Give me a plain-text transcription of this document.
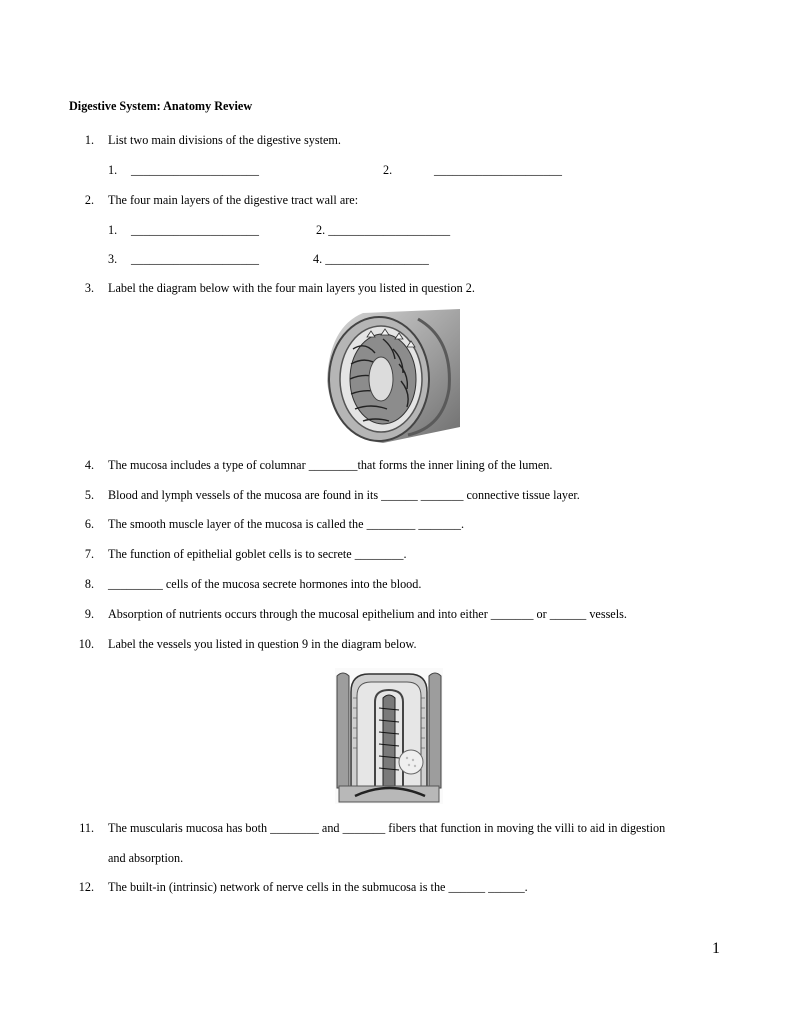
Digestive System: Anatomy Review
1. List two main divisions of the digestive system.
1. _____________________	2.	_____________________
2. The four main layers of the digestive tract wall are:
1. _____________________	2. ____________________
3. _____________________	4. _________________
3. Label the diagram below with the four main layers you listed in question 2.
4. The mucosa includes a type of columnar ________that forms the inner lining of the lumen.
5. Blood and lymph vessels of the mucosa are found in its ______ _______ connective tissue layer.
6. The smooth muscle layer of the mucosa is called the ________ _______.
7. The function of epithelial goblet cells is to secrete ________.
8. _________ cells of the mucosa secrete hormones into the blood.
9. Absorption of nutrients occurs through the mucosal epithelium and into either _______ or ______ vessels.
10. Label the vessels you listed in question 9 in the diagram below.
11. The muscularis mucosa has both ________ and _______ fibers that function in moving the villi to aid in digestion
and absorption.
12. The built-in (intrinsic) network of nerve cells in the submucosa is the ______ ______.
1
